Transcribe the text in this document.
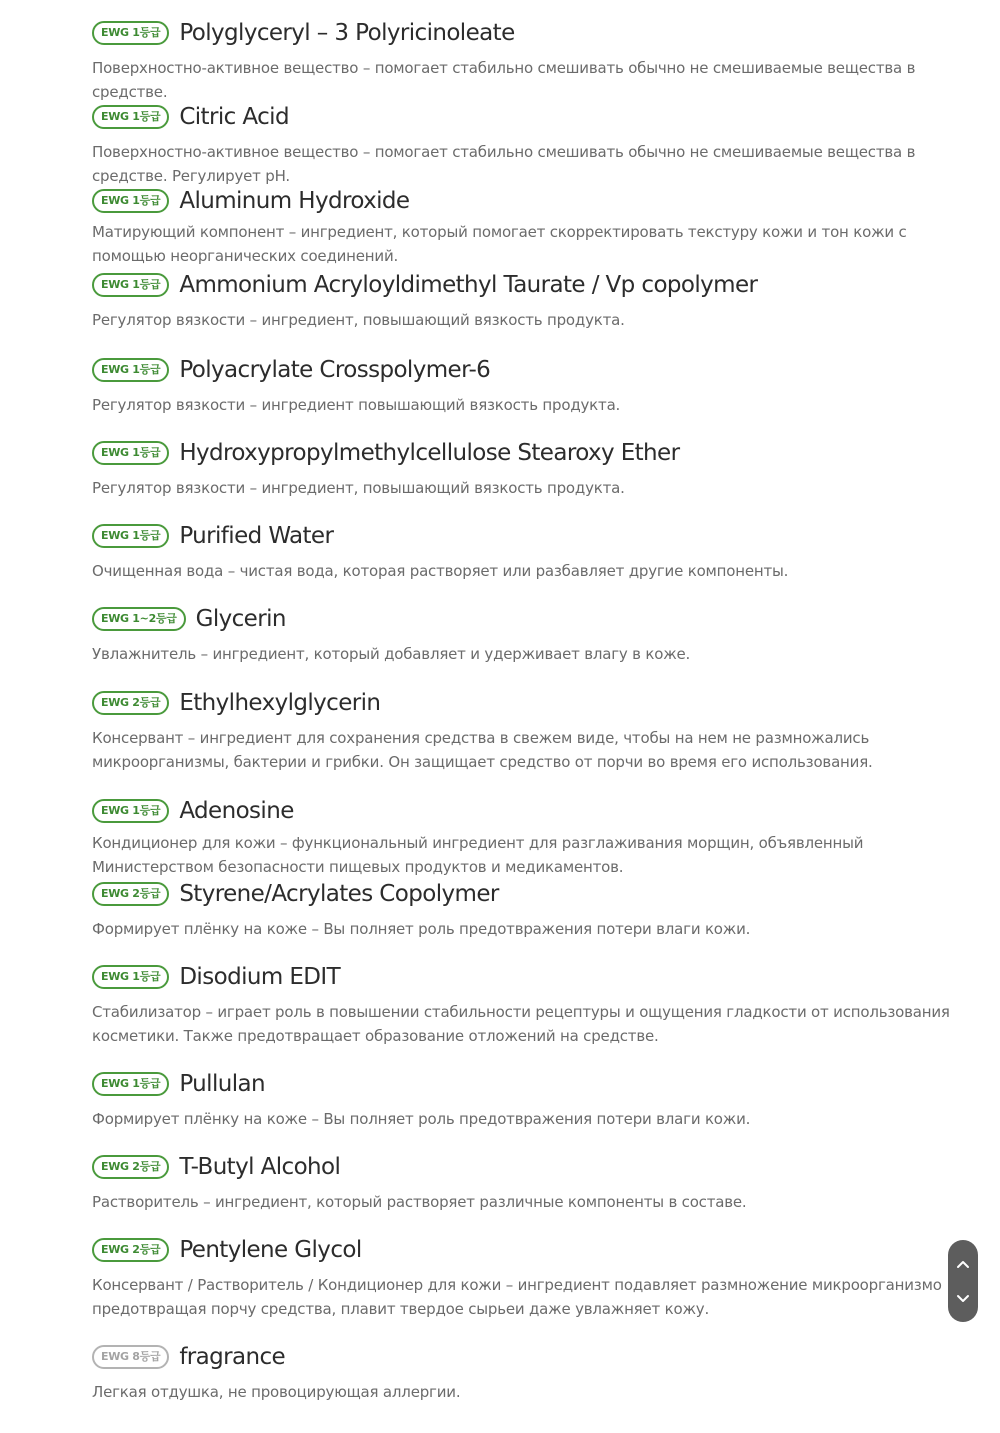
EWG 1등급 Polyglyceryl – 3 Polyricinoleate
Поверхностно-активное вещество – помогает стабильно смешивать обычно не смешиваемые вещества в средстве.
EWG 1등급 Citric Acid
Поверхностно-активное вещество – помогает стабильно смешивать обычно не смешиваемые вещества в средстве. Регулирует pH.
EWG 1등급 Aluminum Hydroxide
Матирующий компонент – ингредиент, который помогает скорректировать текстуру кожи и тон кожи с помощью неорганических соединений.
EWG 1등급 Ammonium Acryloyldimethyl Taurate / Vp copolymer
Регулятор вязкости – ингредиент, повышающий вязкость продукта.
EWG 1등급 Polyacrylate Crosspolymer-6
Регулятор вязкости – ингредиент повышающий вязкость продукта.
EWG 1등급 Hydroxypropylmethylcellulose Stearoxy Ether
Регулятор вязкости – ингредиент, повышающий вязкость продукта.
EWG 1등급 Purified Water
Очищенная вода – чистая вода, которая растворяет или разбавляет другие компоненты.
EWG 1~2등급 Glycerin
Увлажнитель – ингредиент, который добавляет и удерживает влагу в коже.
EWG 2등급 Ethylhexylglycerin
Консервант – ингредиент для сохранения средства в свежем виде, чтобы на нем не размножались микроорганизмы, бактерии и грибки. Он защищает средство от порчи во время его использования.
EWG 1등급 Adenosine
Кондиционер для кожи – функциональный ингредиент для разглаживания морщин, объявленный Министерством безопасности пищевых продуктов и медикаментов.
EWG 2등급 Styrene/Acrylates Copolymer
Формирует плёнку на коже – Вы полняет роль предотвражения потери влаги кожи.
EWG 1등급 Disodium EDIT
Стабилизатор – играет роль в повышении стабильности рецептуры и ощущения гладкости от использования косметики. Также предотвращает образование отложений на средстве.
EWG 1등급 Pullulan
Формирует плёнку на коже – Вы полняет роль предотвражения потери влаги кожи.
EWG 2등급 T-Butyl Alcohol
Растворитель – ингредиент, который растворяет различные компоненты в составе.
EWG 2등급 Pentylene Glycol
Консервант / Растворитель / Кондиционер для кожи – ингредиент подавляет размножение микроорганизмо предотвращая порчу средства, плавит твердое сырьеи даже увлажняет кожу.
EWG 8등급 fragrance
Легкая отдушка, не провоцирующая аллергии.
